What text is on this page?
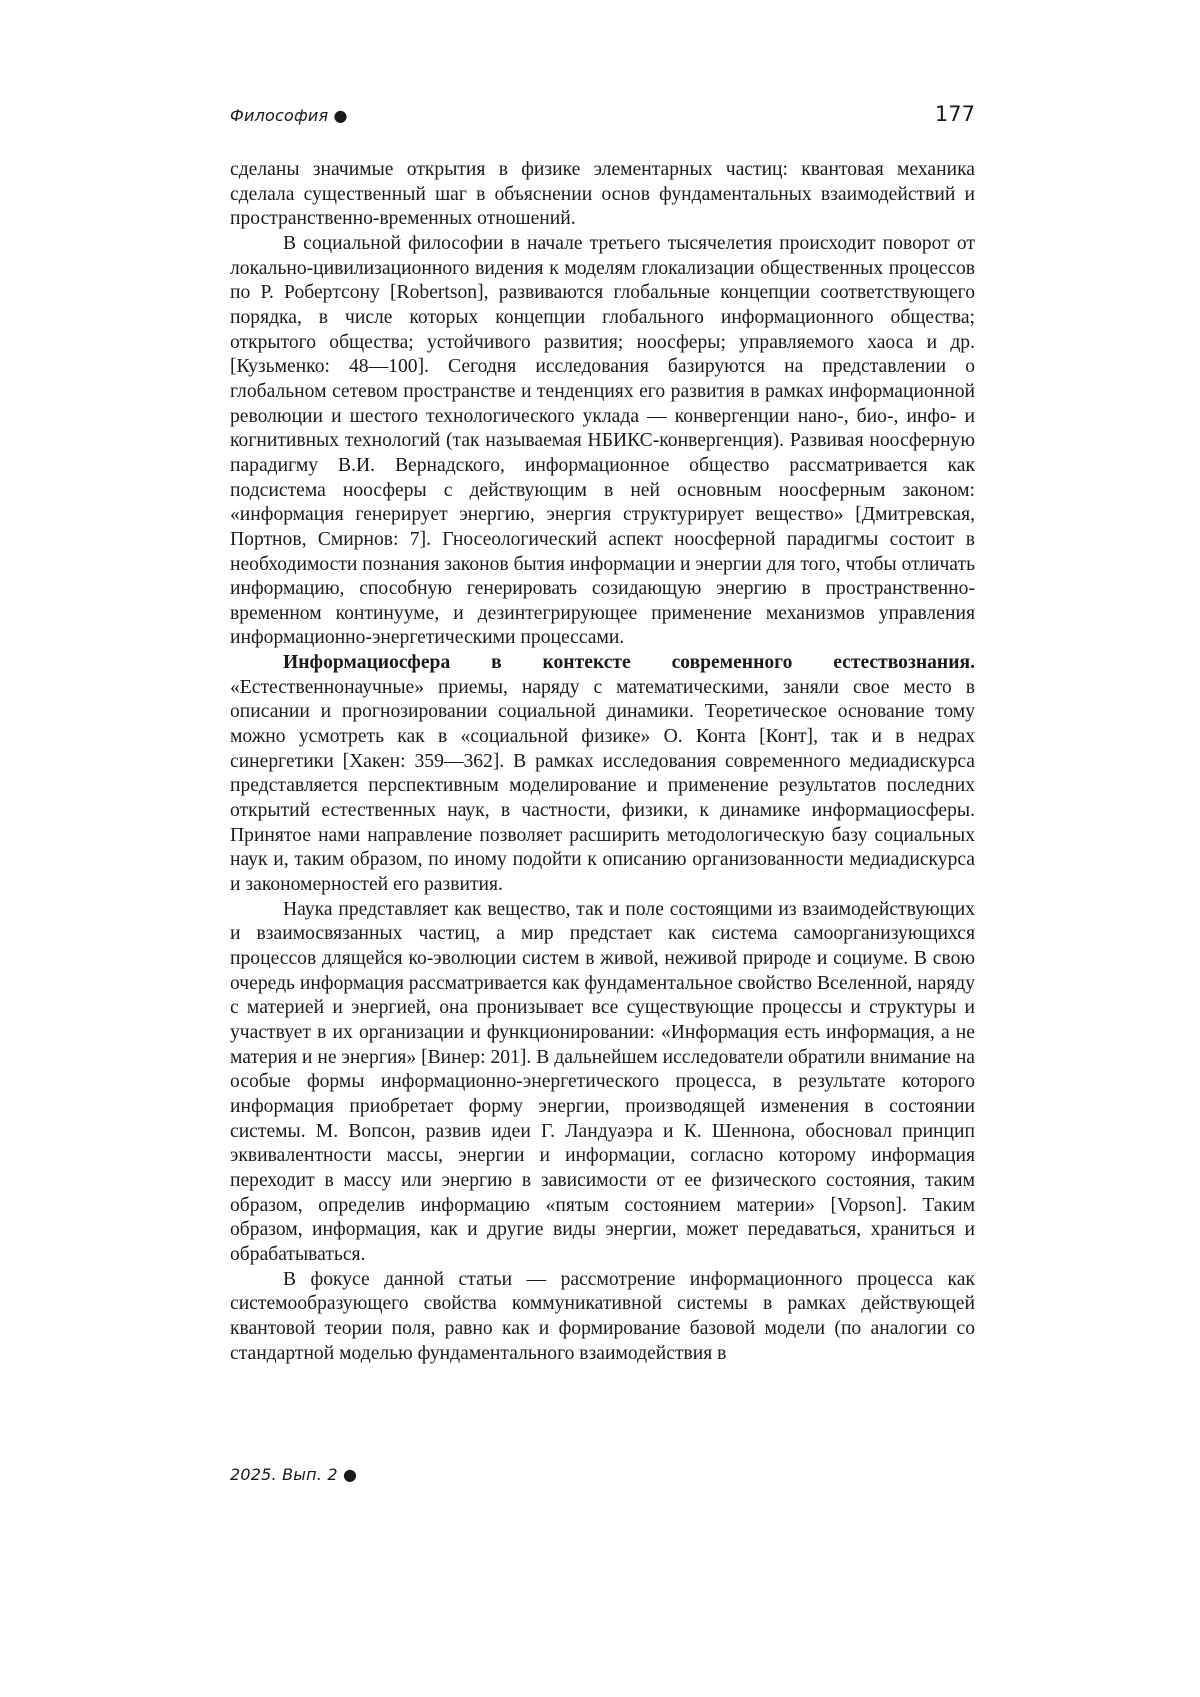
Философия ●	177

сделаны значимые открытия в физике элементарных частиц: квантовая механика сделала существенный шаг в объяснении основ фундаментальных взаимодействий и пространственно-временных отношений.

В социальной философии в начале третьего тысячелетия происходит поворот от локально-цивилизационного видения к моделям глокализации общественных процессов по Р. Робертсону [Robertson], развиваются глобальные концепции соответствующего порядка, в числе которых концепции глобального информационного общества; открытого общества; устойчивого развития; ноосферы; управляемого хаоса и др. [Кузьменко: 48—100]. Сегодня исследования базируются на представлении о глобальном сетевом пространстве и тенденциях его развития в рамках информационной революции и шестого технологического уклада — конвергенции нано-, био-, инфо- и когнитивных технологий (так называемая НБИКС-конвергенция). Развивая ноосферную парадигму В.И. Вернадского, информационное общество рассматривается как подсистема ноосферы с действующим в ней основным ноосферным законом: «информация генерирует энергию, энергия структурирует вещество» [Дмитревская, Портнов, Смирнов: 7]. Гносеологический аспект ноосферной парадигмы состоит в необходимости познания законов бытия информации и энергии для того, чтобы отличать информацию, способную генерировать созидающую энергию в пространственно-временном континууме, и дезинтегрирующее применение механизмов управления информационно-энергетическими процессами.

Информациосфера в контексте современного естествознания. «Естественнонаучные» приемы, наряду с математическими, заняли свое место в описании и прогнозировании социальной динамики. Теоретическое основание тому можно усмотреть как в «социальной физике» О. Конта [Конт], так и в недрах синергетики [Хакен: 359—362]. В рамках исследования современного медиадискурса представляется перспективным моделирование и применение результатов последних открытий естественных наук, в частности, физики, к динамике информациосферы. Принятое нами направление позволяет расширить методологическую базу социальных наук и, таким образом, по иному подойти к описанию организованности медиадискурса и закономерностей его развития.

Наука представляет как вещество, так и поле состоящими из взаимодействующих и взаимосвязанных частиц, а мир предстает как система самоорганизующихся процессов длящейся ко-эволюции систем в живой, неживой природе и социуме. В свою очередь информация рассматривается как фундаментальное свойство Вселенной, наряду с материей и энергией, она пронизывает все существующие процессы и структуры и участвует в их организации и функционировании: «Информация есть информация, а не материя и не энергия» [Винер: 201]. В дальнейшем исследователи обратили внимание на особые формы информационно-энергетического процесса, в результате которого информация приобретает форму энергии, производящей изменения в состоянии системы. М. Вопсон, развив идеи Г. Ландуаэра и К. Шеннона, обосновал принцип эквивалентности массы, энергии и информации, согласно которому информация переходит в массу или энергию в зависимости от ее физического состояния, таким образом, определив информацию «пятым состоянием материи» [Vopson]. Таким образом, информация, как и другие виды энергии, может передаваться, храниться и обрабатываться.

В фокусе данной статьи — рассмотрение информационного процесса как системообразующего свойства коммуникативной системы в рамках действующей квантовой теории поля, равно как и формирование базовой модели (по аналогии со стандартной моделью фундаментального взаимодействия в

2025. Вып. 2 ●
